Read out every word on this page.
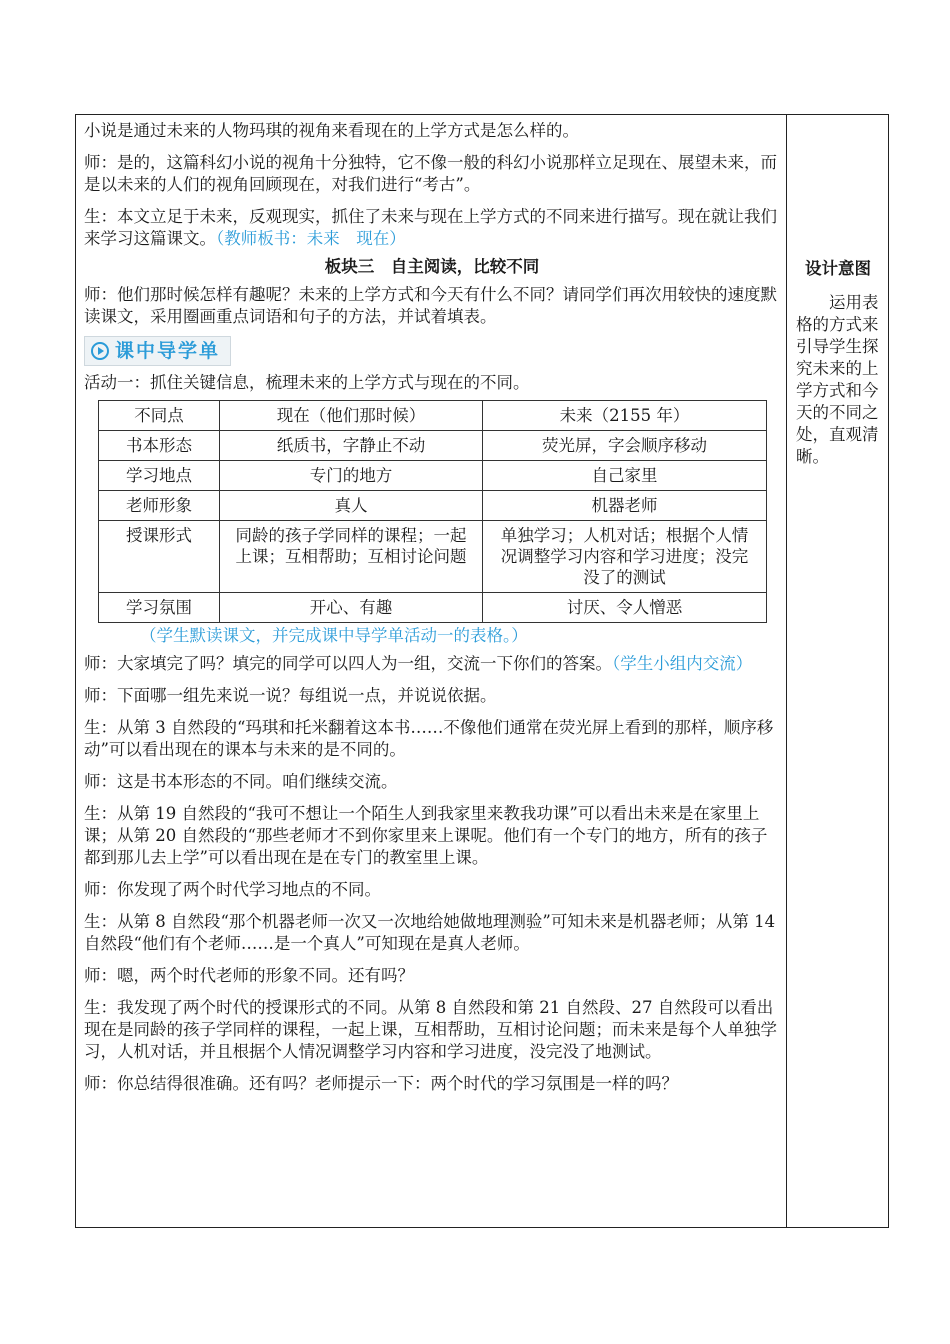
小说是通过未来的人物玛琪的视角来看现在的上学方式是怎么样的。

师：是的，这篇科幻小说的视角十分独特，它不像一般的科幻小说那样立足现在、展望未来，而是以未来的人们的视角回顾现在，对我们进行“考古”。

生：本文立足于未来，反观现实，抓住了未来与现在上学方式的不同来进行描写。现在就让我们来学习这篇课文。（教师板书：未来　现在）

板块三　自主阅读，比较不同

师：他们那时候怎样有趣呢？未来的上学方式和今天有什么不同？请同学们再次用较快的速度默读课文，采用圈画重点词语和句子的方法，并试着填表。

课中导学单

活动一：抓住关键信息，梳理未来的上学方式与现在的不同。

不同点	现在（他们那时候）	未来（2155 年）
书本形态	纸质书，字静止不动	荧光屏，字会顺序移动
学习地点	专门的地方	自己家里
老师形象	真人	机器老师
授课形式	同龄的孩子学同样的课程；一起上课；互相帮助；互相讨论问题	单独学习；人机对话；根据个人情况调整学习内容和学习进度；没完没了的测试
学习氛围	开心、有趣	讨厌、令人憎恶

（学生默读课文，并完成课中导学单活动一的表格。）

师：大家填完了吗？填完的同学可以四人为一组，交流一下你们的答案。（学生小组内交流）

师：下面哪一组先来说一说？每组说一点，并说说依据。

生：从第 3 自然段的“玛琪和托米翻着这本书……不像他们通常在荧光屏上看到的那样，顺序移动”可以看出现在的课本与未来的是不同的。

师：这是书本形态的不同。咱们继续交流。

生：从第 19 自然段的“我可不想让一个陌生人到我家里来教我功课”可以看出未来是在家里上课；从第 20 自然段的“那些老师才不到你家里来上课呢。他们有一个专门的地方，所有的孩子都到那儿去上学”可以看出现在是在专门的教室里上课。

师：你发现了两个时代学习地点的不同。

生：从第 8 自然段“那个机器老师一次又一次地给她做地理测验”可知未来是机器老师；从第 14 自然段“他们有个老师……是一个真人”可知现在是真人老师。

师：嗯，两个时代老师的形象不同。还有吗？

生：我发现了两个时代的授课形式的不同。从第 8 自然段和第 21 自然段、27 自然段可以看出现在是同龄的孩子学同样的课程，一起上课，互相帮助，互相讨论问题；而未来是每个人单独学习，人机对话，并且根据个人情况调整学习内容和学习进度，没完没了地测试。

师：你总结得很准确。还有吗？老师提示一下：两个时代的学习氛围是一样的吗？

设计意图
运用表格的方式来引导学生探究未来的上学方式和今天的不同之处，直观清晰。
